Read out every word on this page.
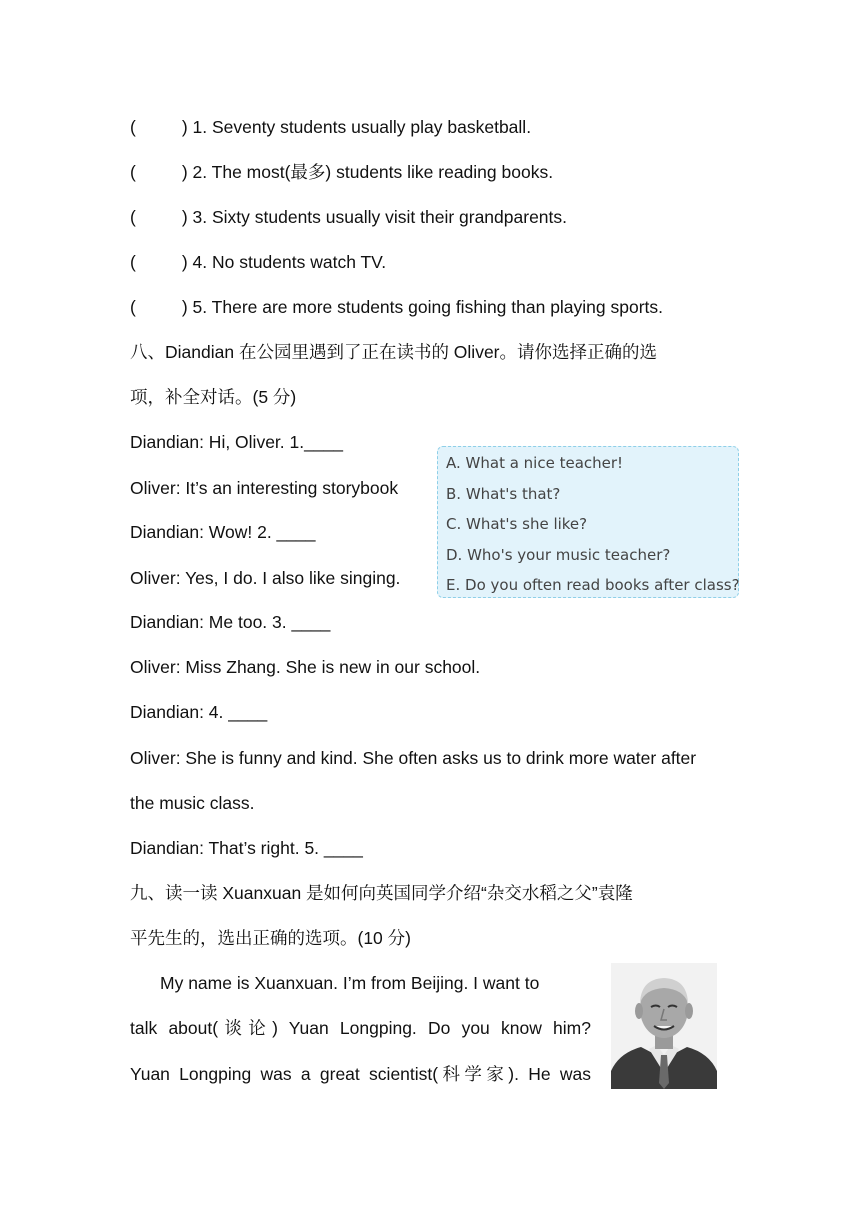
(	) 1. Seventy students usually play basketball.
(	) 2. The most(最多) students like reading books.
(	) 3. Sixty students usually visit their grandparents.
(	) 4. No students watch TV.
(	) 5. There are more students going fishing than playing sports.
八、Diandian 在公园里遇到了正在读书的 Oliver。请你选择正确的选
项，补全对话。(5 分)
Diandian: Hi, Oliver. 1.____
Oliver: It’s an interesting storybook
Diandian: Wow! 2. ____
Oliver: Yes, I do. I also like singing.
Diandian: Me too. 3. ____
Oliver: Miss Zhang. She is new in our school.
Diandian: 4. ____
Oliver: She is funny and kind. She often asks us to drink more water after
the music class.
Diandian: That’s right. 5. ____
A. What a nice teacher!
B. What's that?
C. What's she like?
D. Who's your music teacher?
E. Do you often read books after class?
九、读一读 Xuanxuan 是如何向英国同学介绍“杂交水稻之父”袁隆
平先生的，选出正确的选项。(10 分)
My name is Xuanxuan. I’m from Beijing. I want to
talk about(谈论) Yuan Longping. Do you know him?
Yuan Longping was a great scientist(科学家). He was
